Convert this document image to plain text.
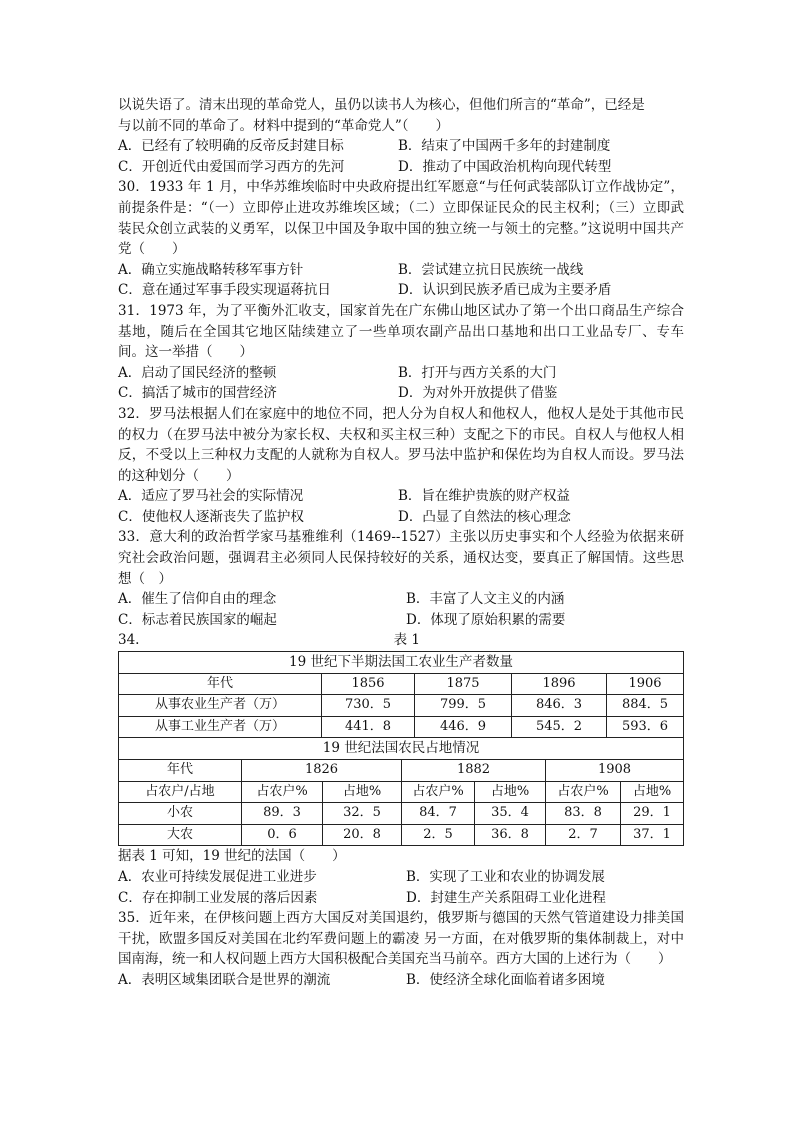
以说失语了。清末出现的革命党人，虽仍以读书人为核心，但他们所言的“革命”，已经是

与以前不同的革命了。材料中提到的“革命党人”（　　）

A．已经有了较明确的反帝反封建目标	B．结束了中国两千多年的封建制度
C．开创近代由爱国而学习西方的先河	D．推动了中国政治机构向现代转型

30．1933 年 1 月，中华苏维埃临时中央政府提出红军愿意“与任何武装部队订立作战协定”，前提条件是：“（一）立即停止进攻苏维埃区域；（二）立即保证民众的民主权利；（三）立即武装民众创立武装的义勇军，以保卫中国及争取中国的独立统一与领土的完整。”这说明中国共产党（　　）

A．确立实施战略转移军事方针	B．尝试建立抗日民族统一战线
C．意在通过军事手段实现逼蒋抗日	D．认识到民族矛盾已成为主要矛盾

31．1973 年，为了平衡外汇收支，国家首先在广东佛山地区试办了第一个出口商品生产综合基地，随后在全国其它地区陆续建立了一些单项农副产品出口基地和出口工业品专厂、专车间。这一举措（　　）

A．启动了国民经济的整顿	B．打开与西方关系的大门
C．搞活了城市的国营经济	D．为对外开放提供了借鉴

32．罗马法根据人们在家庭中的地位不同，把人分为自权人和他权人，他权人是处于其他市民的权力（在罗马法中被分为家长权、夫权和买主权三种）支配之下的市民。自权人与他权人相反，不受以上三种权力支配的人就称为自权人。罗马法中监护和保佐均为自权人而设。罗马法的这种划分（　　）

A．适应了罗马社会的实际情况	B．旨在维护贵族的财产权益
C．使他权人逐渐丧失了监护权	D．凸显了自然法的核心理念

33．意大利的政治哲学家马基雅维利（1469--1527）主张以历史事实和个人经验为依据来研究社会政治问题，强调君主必须同人民保持较好的关系，通权达变，要真正了解国情。这些思想（　）

A．催生了信仰自由的理念	B．丰富了人文主义的内涵
C．标志着民族国家的崛起	D．体现了原始积累的需要
34.	表 1
19 世纪下半期法国工农业生产者数量				
年代	1856	1875	1896	1906
从事农业生产者（万）	730．5	799．5	846．3	884．5
从事工业生产者（万）	441．8	446．9	545．2	593．6
19 世纪法国农民占地情况						
年代	1826		1882		1908	
占农户/占地	占农户%	占地%	占农户%	占地%	占农户%	占地%
小农	89．3	32．5	84．7	35．4	83．8	29．1
大农	0．6	20．8	2．5	36．8	2．7	37．1

据表 1 可知，19 世纪的法国（　　）

A．农业可持续发展促进工业进步	B．实现了工业和农业的协调发展
C．存在抑制工业发展的落后因素	D．封建生产关系阻碍工业化进程

35．近年来，在伊核问题上西方大国反对美国退约，俄罗斯与德国的天然气管道建设力排美国干扰，欧盟多国反对美国在北约军费问题上的霸凌 另一方面，在对俄罗斯的集体制裁上，对中国南海，统一和人权问题上西方大国积极配合美国充当马前卒。西方大国的上述行为（　　）

A．表明区域集团联合是世界的潮流	B．使经济全球化面临着诸多困境
